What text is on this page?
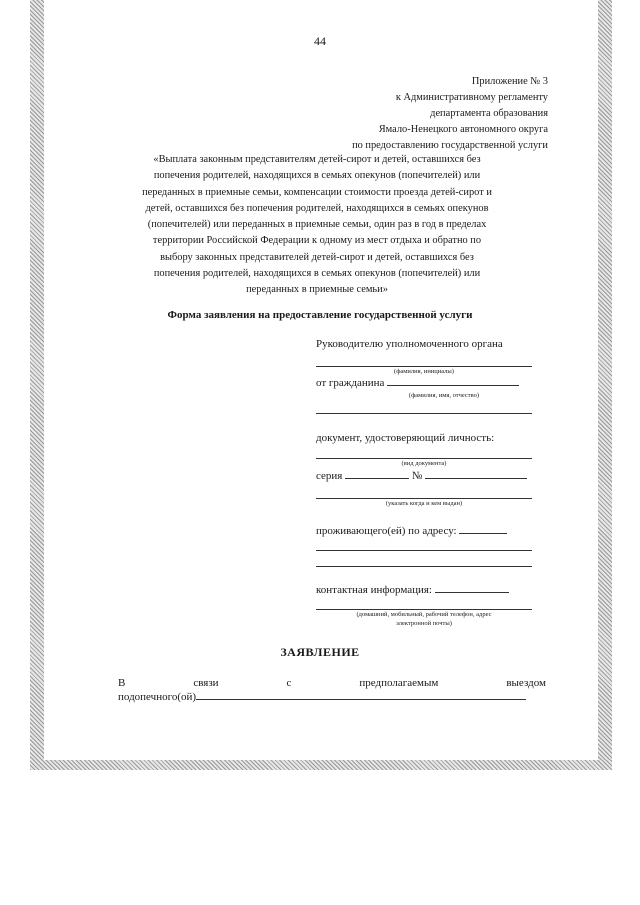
44
Приложение № 3
к Административному регламенту
департамента образования
Ямало-Ненецкого автономного округа
по предоставлению государственной услуги
«Выплата законным представителям детей-сирот и детей, оставшихся без
попечения родителей, находящихся в семьях опекунов (попечителей) или
переданных в приемные семьи, компенсации стоимости проезда детей-сирот и
детей, оставшихся без попечения родителей, находящихся в семьях опекунов
(попечителей) или переданных в приемные семьи, один раз в год в пределах
территории Российской Федерации к одному из мест отдыха и обратно по
выбору законных представителей детей-сирот и детей, оставшихся без
попечения родителей, находящихся в семьях опекунов (попечителей) или
переданных в приемные семьи»
Форма заявления на предоставление государственной услуги
Руководителю уполномоченного органа
(фамилия, инициалы)
от гражданина
(фамилия, имя, отчество)
документ, удостоверяющий личность:
(вид документа)
серия	№
(указать когда и кем выдан)
проживающего(ей) по адресу:
контактная информация:
(домашний, мобильный, рабочий телефон, адрес
электронной почты)
ЗАЯВЛЕНИЕ
В	связи	с	предполагаемым	выездом
подопечного(ой)
